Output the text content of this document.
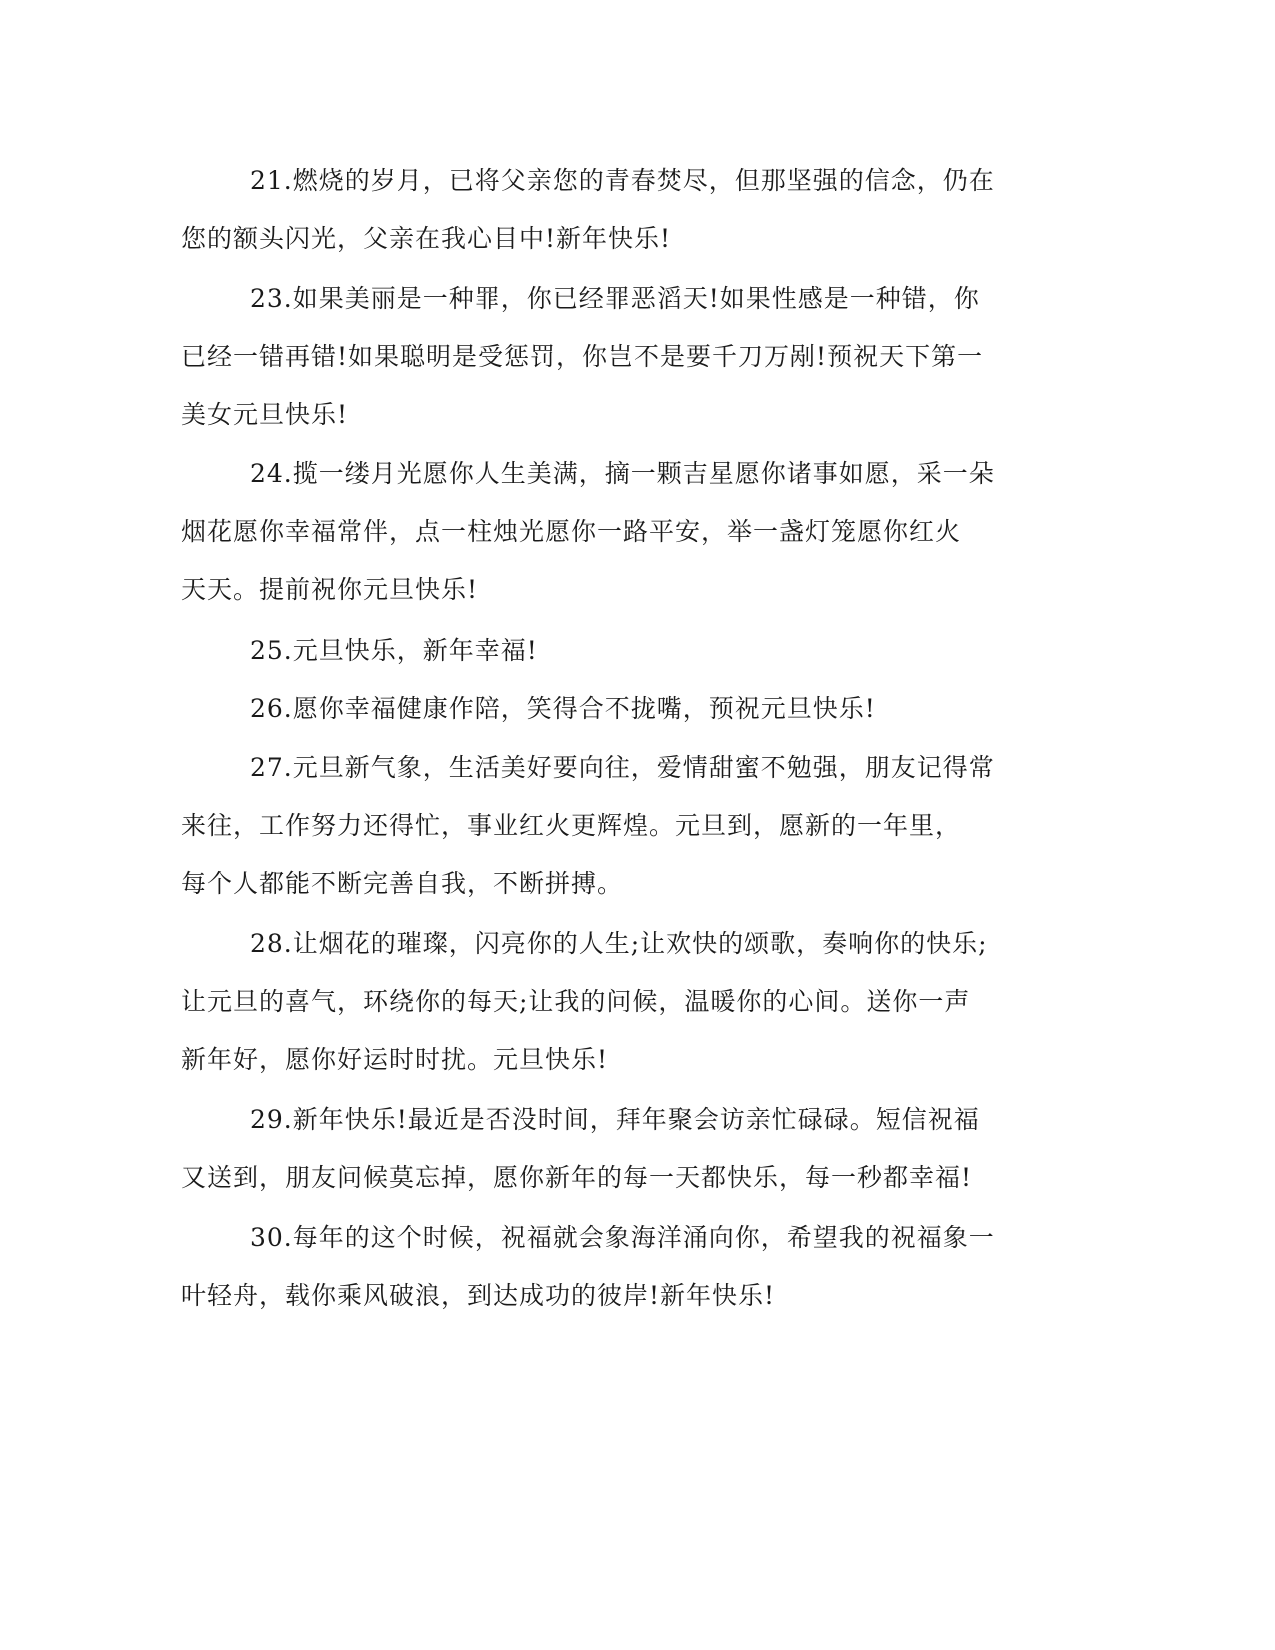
21.燃烧的岁月，已将父亲您的青春焚尽，但那坚强的信念，仍在
您的额头闪光，父亲在我心目中!新年快乐!

23.如果美丽是一种罪，你已经罪恶滔天!如果性感是一种错，你
已经一错再错!如果聪明是受惩罚，你岂不是要千刀万剐!预祝天下第一
美女元旦快乐!

24.揽一缕月光愿你人生美满，摘一颗吉星愿你诸事如愿，采一朵
烟花愿你幸福常伴，点一柱烛光愿你一路平安，举一盏灯笼愿你红火
天天。提前祝你元旦快乐!

25.元旦快乐，新年幸福!

26.愿你幸福健康作陪，笑得合不拢嘴，预祝元旦快乐!

27.元旦新气象，生活美好要向往，爱情甜蜜不勉强，朋友记得常
来往，工作努力还得忙，事业红火更辉煌。元旦到，愿新的一年里，
每个人都能不断完善自我，不断拼搏。

28.让烟花的璀璨，闪亮你的人生;让欢快的颂歌，奏响你的快乐;
让元旦的喜气，环绕你的每天;让我的问候，温暖你的心间。送你一声
新年好，愿你好运时时扰。元旦快乐!

29.新年快乐!最近是否没时间，拜年聚会访亲忙碌碌。短信祝福
又送到，朋友问候莫忘掉，愿你新年的每一天都快乐，每一秒都幸福!

30.每年的这个时候，祝福就会象海洋涌向你，希望我的祝福象一
叶轻舟，载你乘风破浪，到达成功的彼岸!新年快乐!
